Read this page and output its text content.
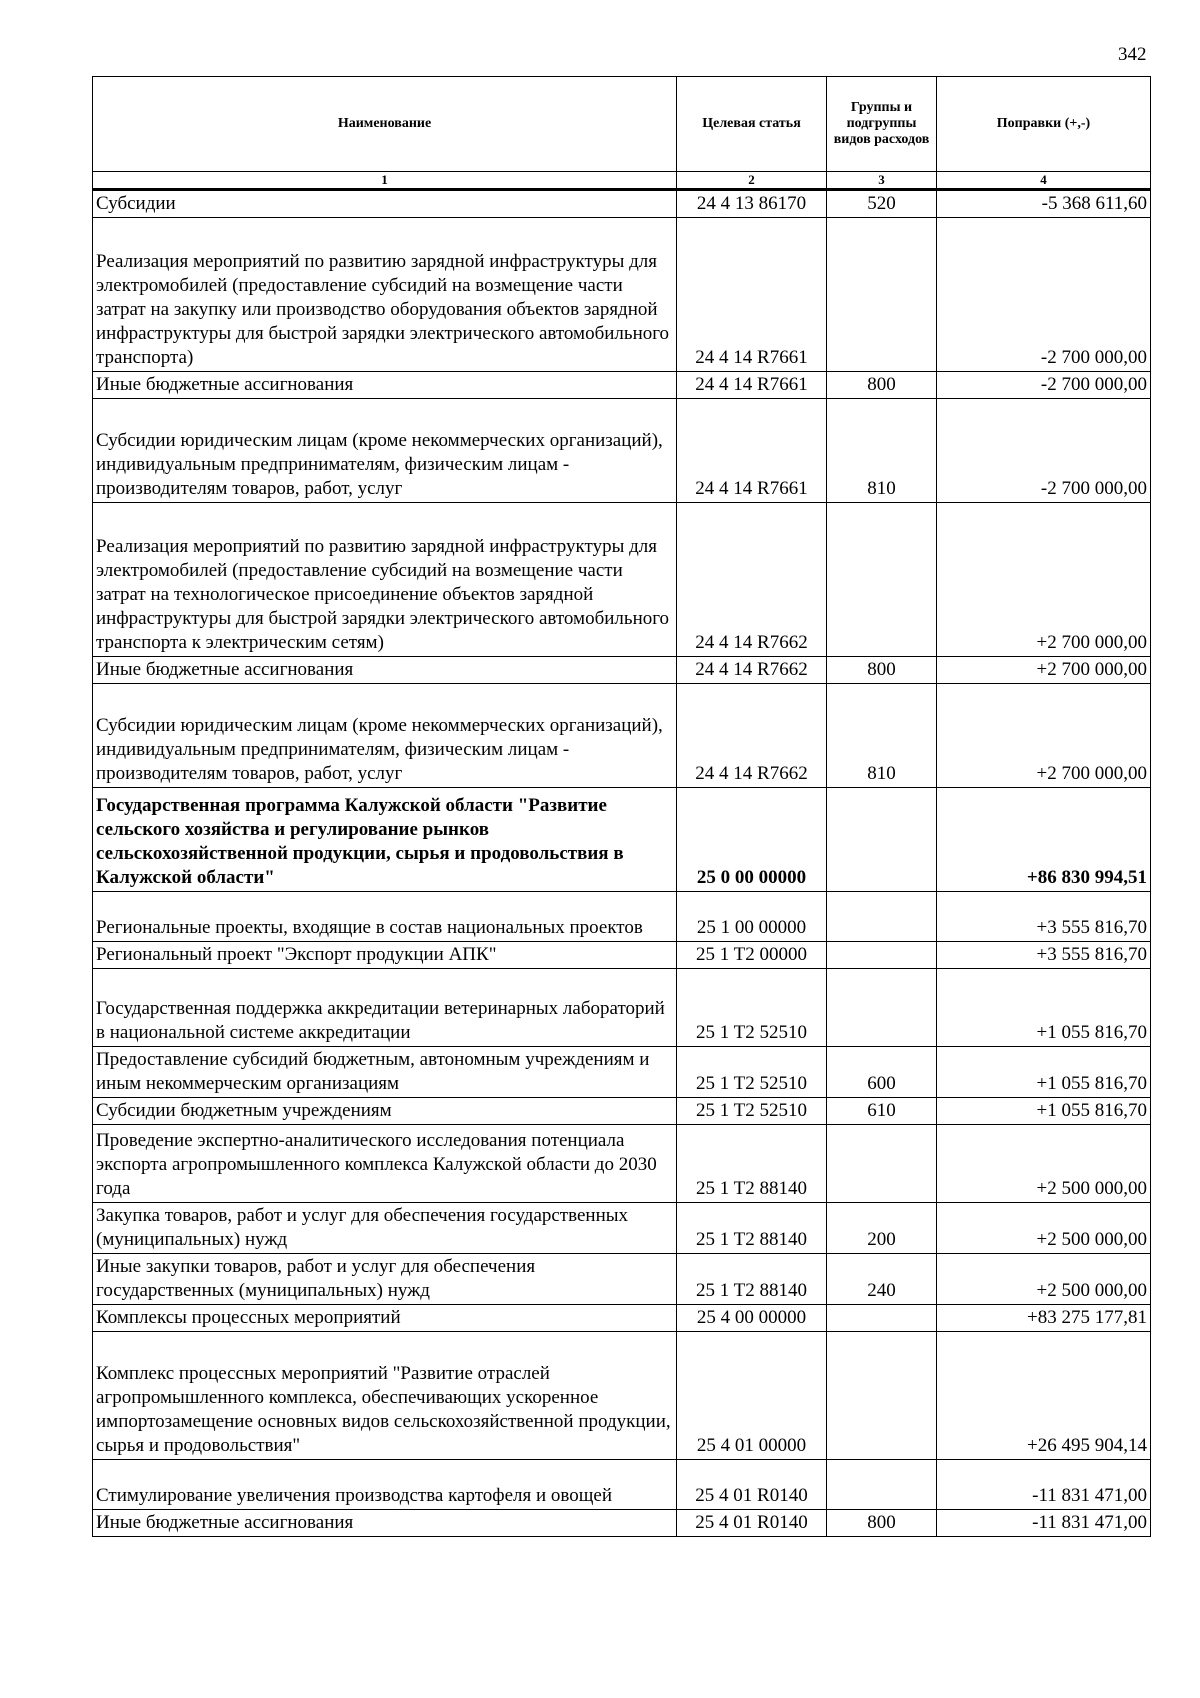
342
Наименование	Целевая статья	Группы и подгруппы видов расходов	Поправки (+,-)
1	2	3	4
Субсидии	24 4 13 86170	520	-5 368 611,60
Реализация мероприятий по развитию зарядной инфраструктуры для электромобилей (предоставление субсидий на возмещение части затрат на закупку или производство оборудования объектов зарядной инфраструктуры для быстрой зарядки электрического автомобильного транспорта)	24 4 14 R7661		-2 700 000,00
Иные бюджетные ассигнования	24 4 14 R7661	800	-2 700 000,00
Субсидии юридическим лицам (кроме некоммерческих организаций), индивидуальным предпринимателям, физическим лицам - производителям товаров, работ, услуг	24 4 14 R7661	810	-2 700 000,00
Реализация мероприятий по развитию зарядной инфраструктуры для электромобилей (предоставление субсидий на возмещение части затрат на технологическое присоединение объектов зарядной инфраструктуры для быстрой зарядки электрического автомобильного транспорта к электрическим сетям)	24 4 14 R7662		+2 700 000,00
Иные бюджетные ассигнования	24 4 14 R7662	800	+2 700 000,00
Субсидии юридическим лицам (кроме некоммерческих организаций), индивидуальным предпринимателям, физическим лицам - производителям товаров, работ, услуг	24 4 14 R7662	810	+2 700 000,00
Государственная программа Калужской области "Развитие сельского хозяйства и регулирование рынков сельскохозяйственной продукции, сырья и продовольствия в Калужской области"	25 0 00 00000		+86 830 994,51
Региональные проекты, входящие в состав национальных проектов	25 1 00 00000		+3 555 816,70
Региональный проект "Экспорт продукции АПК"	25 1 T2 00000		+3 555 816,70
Государственная поддержка аккредитации ветеринарных лабораторий в национальной системе аккредитации	25 1 T2 52510		+1 055 816,70
Предоставление субсидий бюджетным, автономным учреждениям и иным некоммерческим организациям	25 1 T2 52510	600	+1 055 816,70
Субсидии бюджетным учреждениям	25 1 T2 52510	610	+1 055 816,70
Проведение экспертно-аналитического исследования потенциала экспорта агропромышленного комплекса Калужской области до 2030 года	25 1 T2 88140		+2 500 000,00
Закупка товаров, работ и услуг для обеспечения государственных (муниципальных) нужд	25 1 T2 88140	200	+2 500 000,00
Иные закупки товаров, работ и услуг для обеспечения государственных (муниципальных) нужд	25 1 T2 88140	240	+2 500 000,00
Комплексы процессных мероприятий	25 4 00 00000		+83 275 177,81
Комплекс процессных мероприятий "Развитие отраслей агропромышленного комплекса, обеспечивающих ускоренное импортозамещение основных видов сельскохозяйственной продукции, сырья и продовольствия"	25 4 01 00000		+26 495 904,14
Стимулирование увеличения производства картофеля и овощей	25 4 01 R0140		-11 831 471,00
Иные бюджетные ассигнования	25 4 01 R0140	800	-11 831 471,00
